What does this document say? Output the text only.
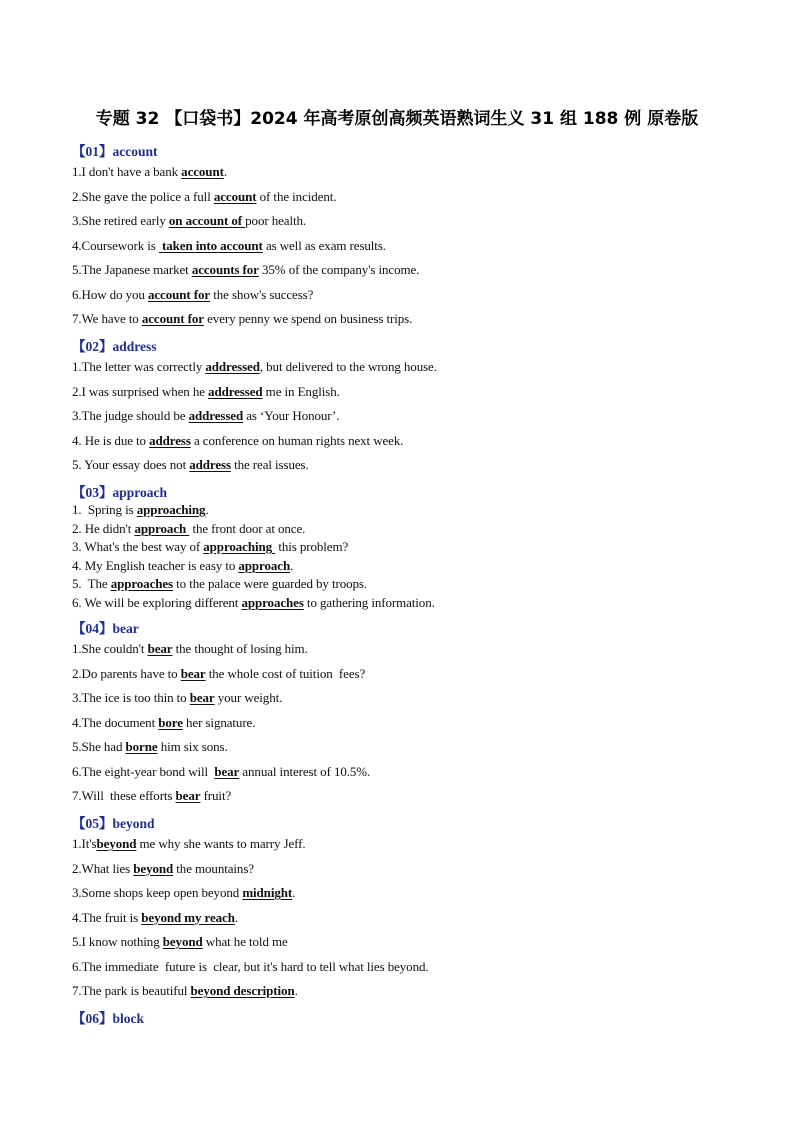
专题 32 【口袋书】2024 年高考原创高频英语熟词生义 31 组 188 例 原卷版
【01】account
1.I don't have a bank account.
2.She gave the police a full account of the incident.
3.She retired early on account of poor health.
4.Coursework is  taken into account as well as exam results.
5.The Japanese market accounts for 35% of the company's income.
6.How do you account for the show's success?
7.We have to account for every penny we spend on business trips.
【02】address
1.The letter was correctly addressed, but delivered to the wrong house.
2.I was surprised when he addressed me in English.
3.The judge should be addressed as ‘Your Honour’.
4. He is due to address a conference on human rights next week.
5. Your essay does not address the real issues.
【03】approach
1.  Spring is approaching.
2. He didn't approach  the front door at once.
3. What's the best way of approaching  this problem?
4. My English teacher is easy to approach.
5.  The approaches to the palace were guarded by troops.
6. We will be exploring different approaches to gathering information.
【04】bear
1.She couldn't bear the thought of losing him.
2.Do parents have to bear the whole cost of tuition  fees?
3.The ice is too thin to bear your weight.
4.The document bore her signature.
5.She had borne him six sons.
6.The eight-year bond will  bear annual interest of 10.5%.
7.Will  these efforts bear fruit?
【05】beyond
1.It'sbeyond me why she wants to marry Jeff.
2.What lies beyond the mountains?
3.Some shops keep open beyond midnight.
4.The fruit is beyond my reach.
5.I know nothing beyond what he told me
6.The immediate  future is  clear, but it's hard to tell what lies beyond.
7.The park is beautiful beyond description.
【06】block
